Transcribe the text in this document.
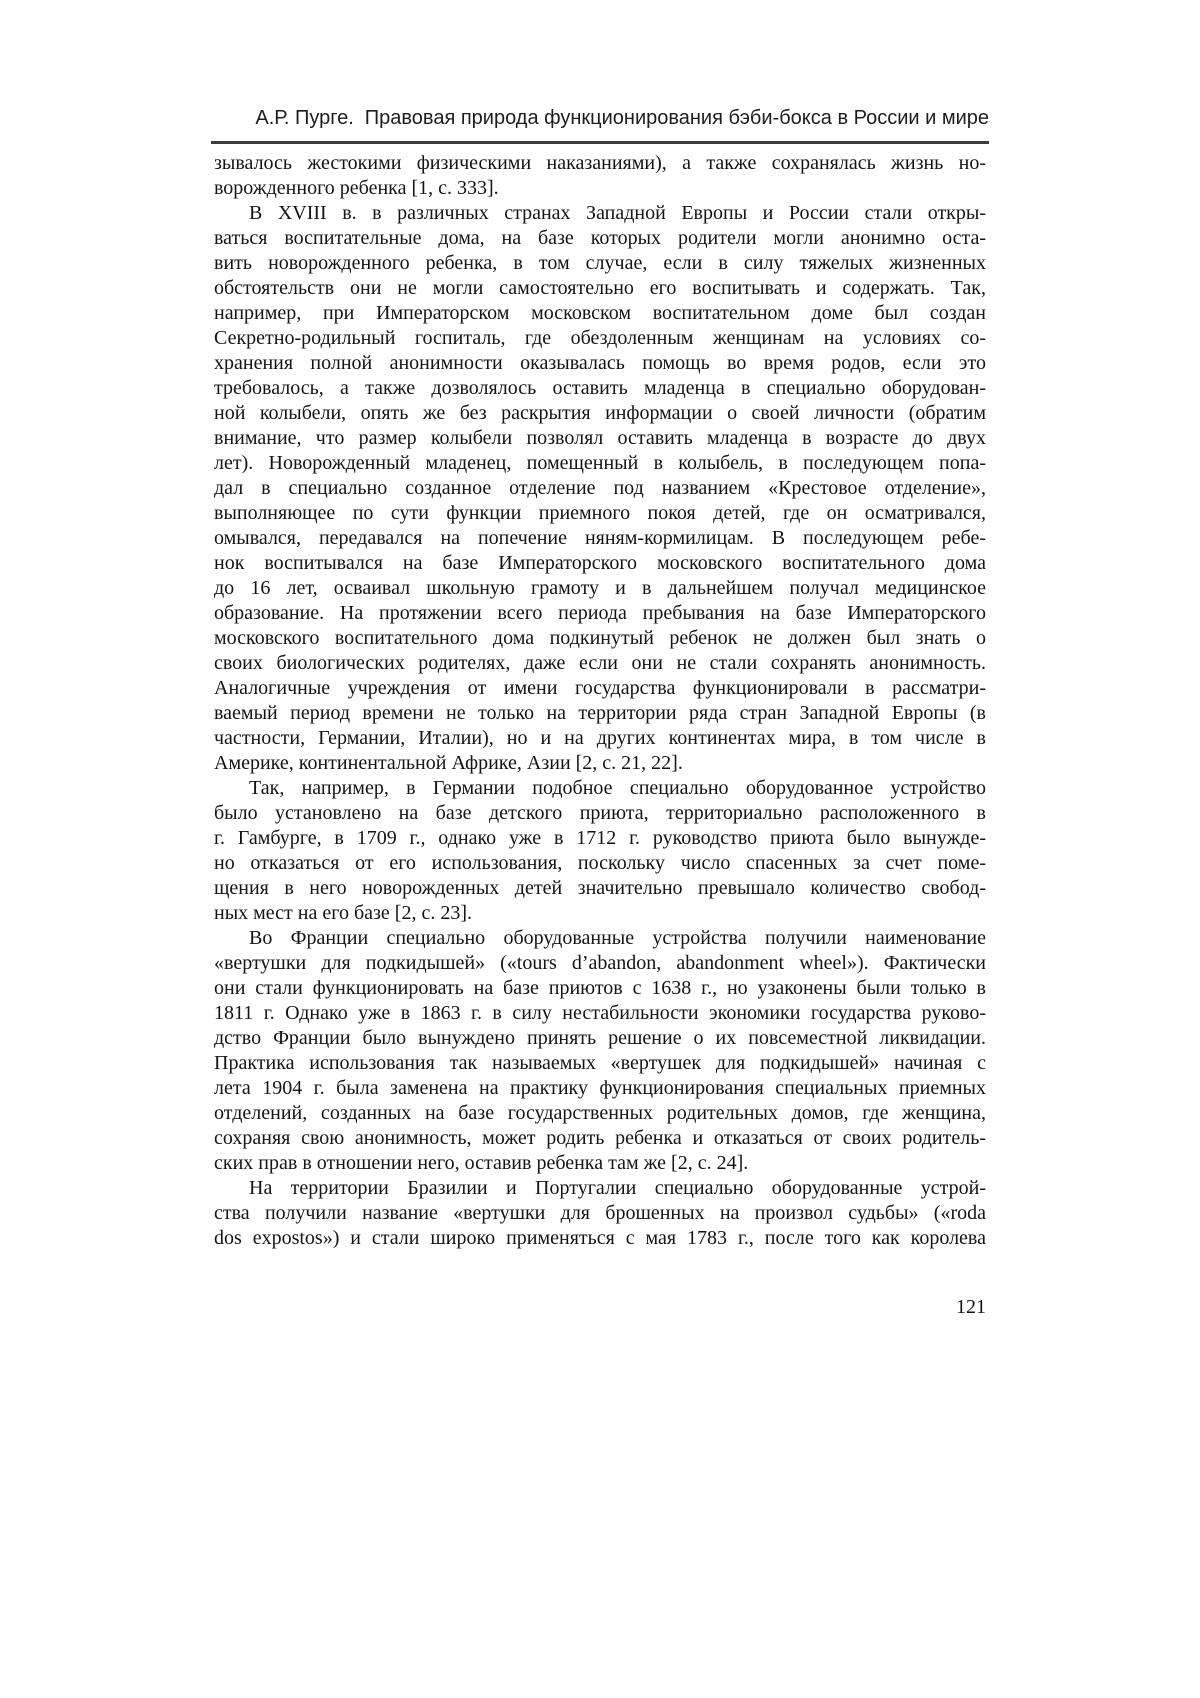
А.Р. Пурге. Правовая природа функционирования бэби-бокса в России и мире
зывалось жестокими физическими наказаниями), а также сохранялась жизнь но-
ворожденного ребенка [1, с. 333].
В XVIII в. в различных странах Западной Европы и России стали откры-
ваться воспитательные дома, на базе которых родители могли анонимно оста-
вить новорожденного ребенка, в том случае, если в силу тяжелых жизненных
обстоятельств они не могли самостоятельно его воспитывать и содержать. Так,
например, при Императорском московском воспитательном доме был создан
Секретно-родильный госпиталь, где обездоленным женщинам на условиях со-
хранения полной анонимности оказывалась помощь во время родов, если это
требовалось, а также дозволялось оставить младенца в специально оборудован-
ной колыбели, опять же без раскрытия информации о своей личности (обратим
внимание, что размер колыбели позволял оставить младенца в возрасте до двух
лет). Новорожденный младенец, помещенный в колыбель, в последующем попа-
дал в специально созданное отделение под названием «Крестовое отделение»,
выполняющее по сути функции приемного покоя детей, где он осматривался,
омывался, передавался на попечение няням-кормилицам. В последующем ребе-
нок воспитывался на базе Императорского московского воспитательного дома
до 16 лет, осваивал школьную грамоту и в дальнейшем получал медицинское
образование. На протяжении всего периода пребывания на базе Императорского
московского воспитательного дома подкинутый ребенок не должен был знать о
своих биологических родителях, даже если они не стали сохранять анонимность.
Аналогичные учреждения от имени государства функционировали в рассматри-
ваемый период времени не только на территории ряда стран Западной Европы (в
частности, Германии, Италии), но и на других континентах мира, в том числе в
Америке, континентальной Африке, Азии [2, с. 21, 22].
Так, например, в Германии подобное специально оборудованное устройство
было установлено на базе детского приюта, территориально расположенного в
г. Гамбурге, в 1709 г., однако уже в 1712 г. руководство приюта было вынужде-
но отказаться от его использования, поскольку число спасенных за счет поме-
щения в него новорожденных детей значительно превышало количество свобод-
ных мест на его базе [2, с. 23].
Во Франции специально оборудованные устройства получили наименование
«вертушки для подкидышей» («tours d’abandon, abandonment wheel»). Фактически
они стали функционировать на базе приютов с 1638 г., но узаконены были только в
1811 г. Однако уже в 1863 г. в силу нестабильности экономики государства руково-
дство Франции было вынуждено принять решение о их повсеместной ликвидации.
Практика использования так называемых «вертушек для подкидышей» начиная с
лета 1904 г. была заменена на практику функционирования специальных приемных
отделений, созданных на базе государственных родительных домов, где женщина,
сохраняя свою анонимность, может родить ребенка и отказаться от своих родитель-
ских прав в отношении него, оставив ребенка там же [2, с. 24].
На территории Бразилии и Португалии специально оборудованные устрой-
ства получили название «вертушки для брошенных на произвол судьбы» («roda
dos expostos») и стали широко применяться с мая 1783 г., после того как королева
121
